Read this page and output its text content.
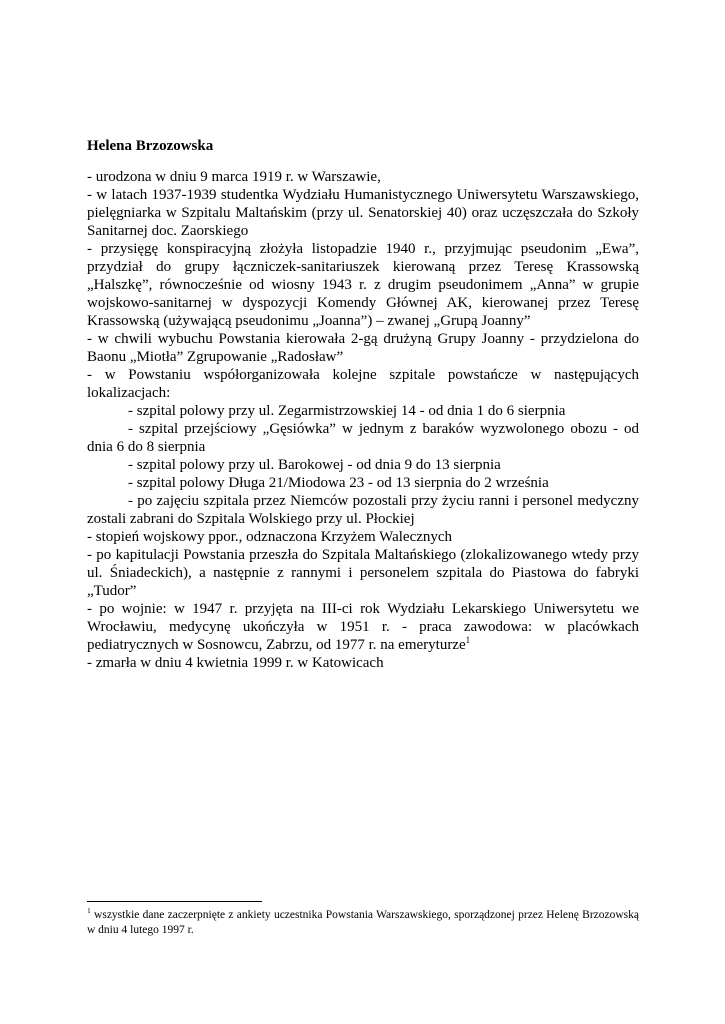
Helena Brzozowska

- urodzona w dniu 9 marca 1919 r. w Warszawie,

- w latach 1937-1939 studentka Wydziału Humanistycznego Uniwersytetu Warszawskiego, pielęgniarka w Szpitalu Maltańskim (przy ul. Senatorskiej 40) oraz uczęszczała do Szkoły Sanitarnej doc. Zaorskiego

- przysięgę konspiracyjną złożyła listopadzie 1940 r., przyjmując pseudonim „Ewa”, przydział do grupy łączniczek-sanitariuszek kierowaną przez Teresę Krassowską „Halszkę”, równocześnie od wiosny 1943 r. z drugim pseudonimem „Anna” w grupie wojskowo-sanitarnej w dyspozycji Komendy Głównej AK, kierowanej przez Teresę Krassowską (używającą pseudonimu „Joanna”) – zwanej „Grupą Joanny”

- w chwili wybuchu Powstania kierowała 2-gą drużyną Grupy Joanny - przydzielona do Baonu „Miotła” Zgrupowanie „Radosław”

- w Powstaniu współorganizowała kolejne szpitale powstańcze w następujących lokalizacjach:

- szpital polowy przy ul. Zegarmistrzowskiej 14 - od dnia 1 do 6 sierpnia

- szpital przejściowy „Gęsiówka” w jednym z baraków wyzwolonego obozu - od dnia 6 do 8 sierpnia

- szpital polowy przy ul. Barokowej - od dnia 9 do 13 sierpnia

- szpital polowy Długa 21/Miodowa 23 - od 13 sierpnia do 2 września

- po zajęciu szpitala przez Niemców pozostali przy życiu ranni i personel medyczny zostali zabrani do Szpitala Wolskiego przy ul. Płockiej

- stopień wojskowy ppor., odznaczona Krzyżem Walecznych

- po kapitulacji Powstania przeszła do Szpitala Maltańskiego (zlokalizowanego wtedy przy ul. Śniadeckich), a następnie z rannymi i personelem szpitala do Piastowa do fabryki „Tudor”

- po wojnie: w 1947 r. przyjęta na III-ci rok Wydziału Lekarskiego Uniwersytetu we Wrocławiu, medycynę ukończyła w 1951 r. - praca zawodowa: w placówkach pediatrycznych w Sosnowcu, Zabrzu, od 1977 r. na emeryturze$^1$

- zmarła w dniu 4 kwietnia 1999 r. w Katowicach

$^1$ wszystkie dane zaczerpnięte z ankiety uczestnika Powstania Warszawskiego, sporządzonej przez Helenę Brzozowską w dniu 4 lutego 1997 r.
